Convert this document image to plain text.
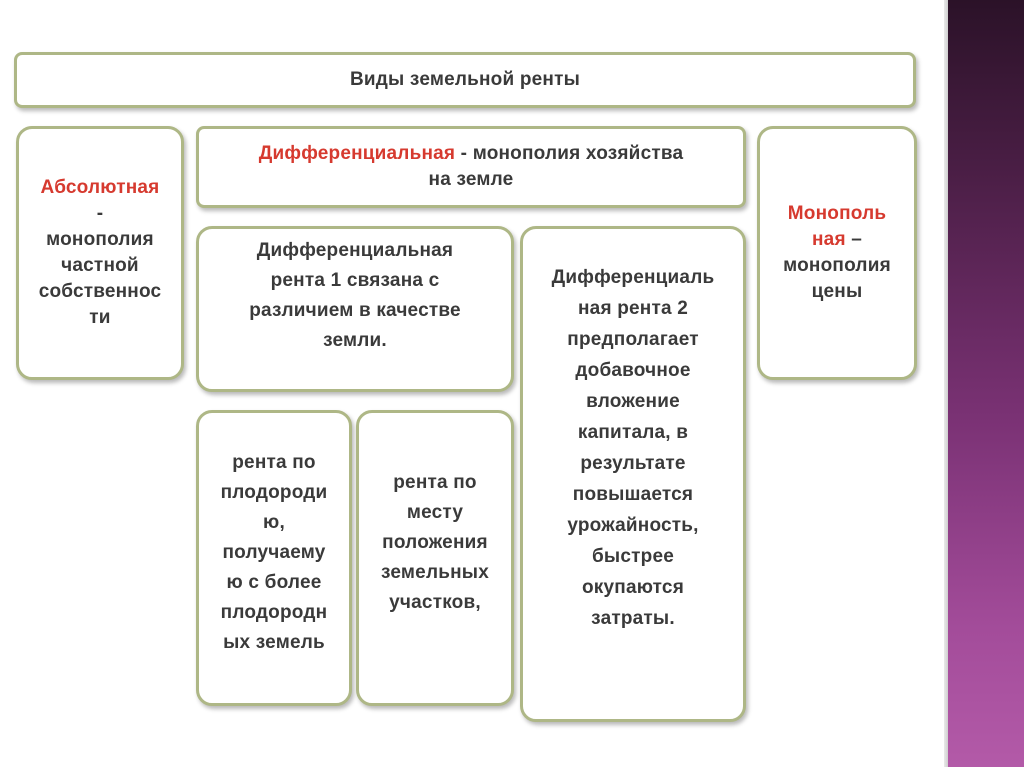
Виды земельной ренты
Абсолютная
-
монополия
частной
собственнос
ти
Дифференциальная - монополия хозяйства
на земле
Монополь
ная –
монополия
цены
Дифференциальная
рента 1 связана с
различием в качестве
земли.
Дифференциаль
ная рента 2
предполагает
добавочное
вложение
капитала, в
результате
повышается
урожайность,
быстрее
окупаются
затраты.
рента по
плодороди
ю,
получаему
ю с более
плодородн
ых земель
рента по
месту
положения
земельных
участков,
